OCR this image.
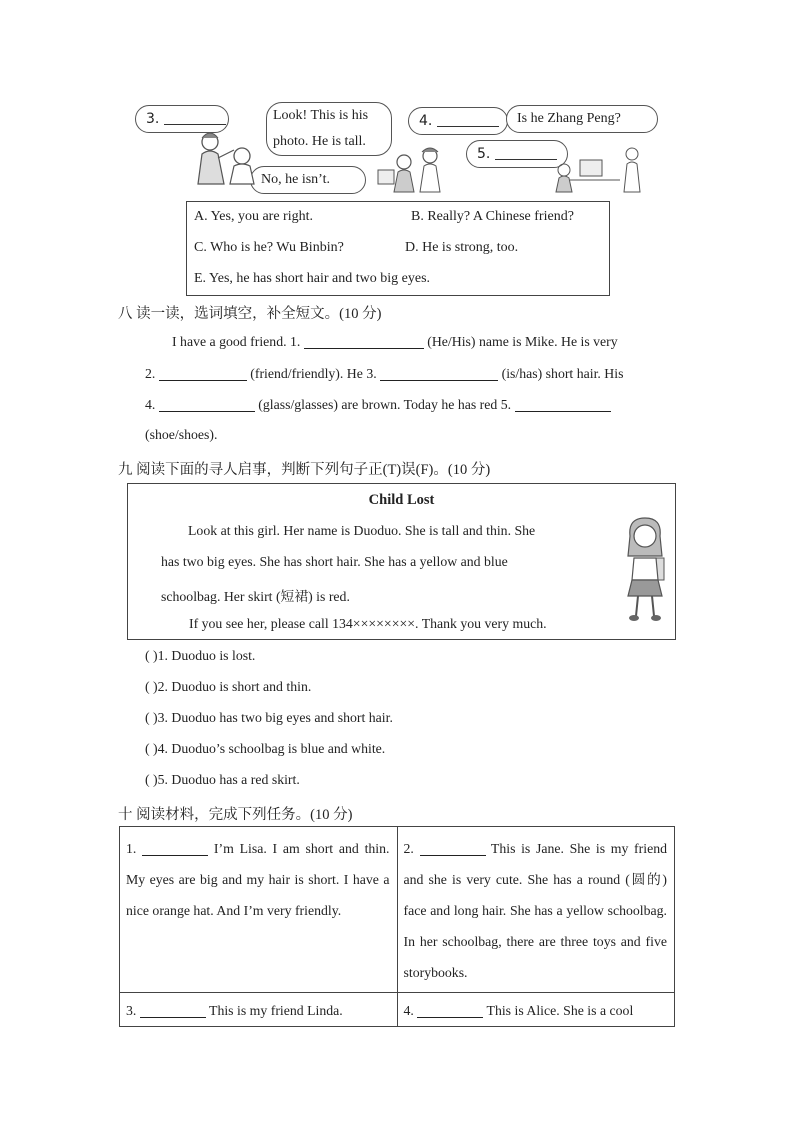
3.	Look! This is his
photo. He is tall.
4.	Is he Zhang Peng?
5.
No, he isn’t.
A. Yes, you are right.	B. Really? A Chinese friend?
C. Who is he? Wu Binbin?	D. He is strong, too.
E. Yes, he has short hair and two big eyes.
八 读一读，选词填空，补全短文。(10 分)
I have a good friend. 1.	(He/His) name is Mike. He is very
2.	(friend/friendly). He 3.	(is/has) short hair. His
4.	(glass/glasses) are brown. Today he has red 5.
(shoe/shoes).
九 阅读下面的寻人启事，判断下列句子正(T)误(F)。(10 分)
Child Lost
Look at this girl. Her name is Duoduo. She is tall and thin. She
has two big eyes. She has short hair. She has a yellow and blue
schoolbag. Her skirt (短裙) is red.
If you see her, please call 134××××××××. Thank you very much.
( )1. Duoduo is lost.
( )2. Duoduo is short and thin.
( )3. Duoduo has two big eyes and short hair.
( )4. Duoduo’s schoolbag is blue and white.
( )5. Duoduo has a red skirt.
十 阅读材料，完成下列任务。(10 分)
1. I’m Lisa. I am short and thin. My eyes are big and my hair is short. I have a nice orange hat. And I’m very friendly.	2. This is Jane. She is my friend and she is very cute. She has a round (圆的) face and long hair. She has a yellow schoolbag. In her schoolbag, there are three toys and five storybooks.
3. This is my friend Linda.	4. This is Alice. She is a cool
